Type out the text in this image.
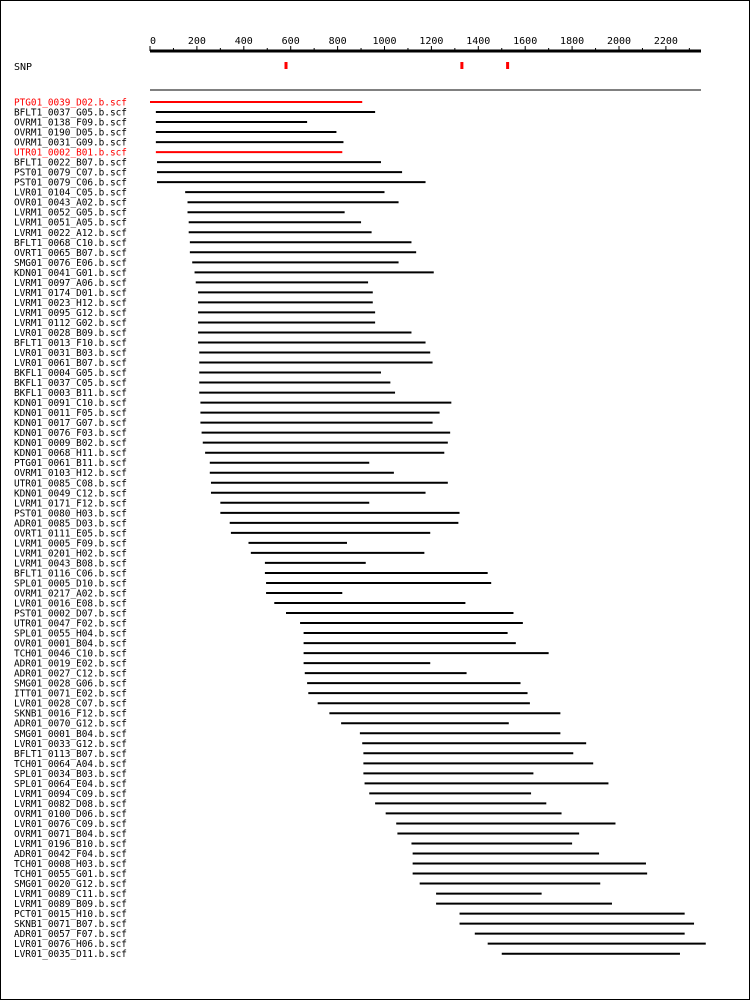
0	200	400	600	800	1000 1200 1400 1600 1800 2000 2200
SNP
PTG01_0039_D02.b.scf
BFLT1_0037_G05.b.scf
OVRM1_0138_F09.b.scf
OVRM1_0190_D05.b.scf
OVRM1_0031_G09.b.scf
UTR01_0002_B01.b.scf
BFLT1_0022_B07.b.scf
PST01_0079_C07.b.scf
PST01_0079_C06.b.scf
LVR01_0104_C05.b.scf
OVR01_0043_A02.b.scf
LVRM1_0052_G05.b.scf
LVRM1_0051_A05.b.scf
LVRM1_0022_A12.b.scf
BFLT1_0068_C10.b.scf
OVRT1_0065_B07.b.scf
SMG01_0076_E06.b.scf
KDN01_0041_G01.b.scf
LVRM1_0097_A06.b.scf
LVRM1_0174_D01.b.scf
LVRM1_0023_H12.b.scf
LVRM1_0095_G12.b.scf
LVRM1_0112_G02.b.scf
LVR01_0028_B09.b.scf
BFLT1_0013_F10.b.scf
LVR01_0031_B03.b.scf
LVR01_0061_B07.b.scf
BKFL1_0004_G05.b.scf
BKFL1_0037_C05.b.scf
BKFL1_0003_B11.b.scf
KDN01_0091_C10.b.scf
KDN01_0011_F05.b.scf
KDN01_0017_G07.b.scf
KDN01_0076_F03.b.scf
KDN01_0009_B02.b.scf
KDN01_0068_H11.b.scf
PTG01_0061_B11.b.scf
OVRM1_0103_H12.b.scf
UTR01_0085_C08.b.scf
KDN01_0049_C12.b.scf
LVRM1_0171_F12.b.scf
PST01_0080_H03.b.scf
ADR01_0085_D03.b.scf
OVRT1_0111_E05.b.scf
LVRM1_0005_F09.b.scf
LVRM1_0201_H02.b.scf
LVRM1_0043_B08.b.scf
BFLT1_0116_C06.b.scf
SPL01_0005_D10.b.scf
OVRM1_0217_A02.b.scf
LVR01_0016_E08.b.scf
PST01_0002_D07.b.scf
UTR01_0047_F02.b.scf
SPL01_0055_H04.b.scf
OVR01_0001_B04.b.scf
TCH01_0046_C10.b.scf
ADR01_0019_E02.b.scf
ADR01_0027_C12.b.scf
SMG01_0028_G06.b.scf
ITT01_0071_E02.b.scf
LVR01_0028_C07.b.scf
SKNB1_0016_F12.b.scf
ADR01_0070_G12.b.scf
SMG01_0001_B04.b.scf
LVR01_0033_G12.b.scf
BFLT1_0113_B07.b.scf
TCH01_0064_A04.b.scf
SPL01_0034_B03.b.scf
SPL01_0064_E04.b.scf
LVRM1_0094_C09.b.scf
LVRM1_0082_D08.b.scf
OVRM1_0100_D06.b.scf
LVR01_0076_C09.b.scf
OVRM1_0071_B04.b.scf
LVRM1_0196_B10.b.scf
ADR01_0042_F04.b.scf
TCH01_0008_H03.b.scf
TCH01_0055_G01.b.scf
SMG01_0020_G12.b.scf
LVRM1_0089_C11.b.scf
LVRM1_0089_B09.b.scf
PCT01_0015_H10.b.scf
SKNB1_0071_B07.b.scf
ADR01_0057_F07.b.scf
LVR01_0076_H06.b.scf
LVR01_0035_D11.b.scf
